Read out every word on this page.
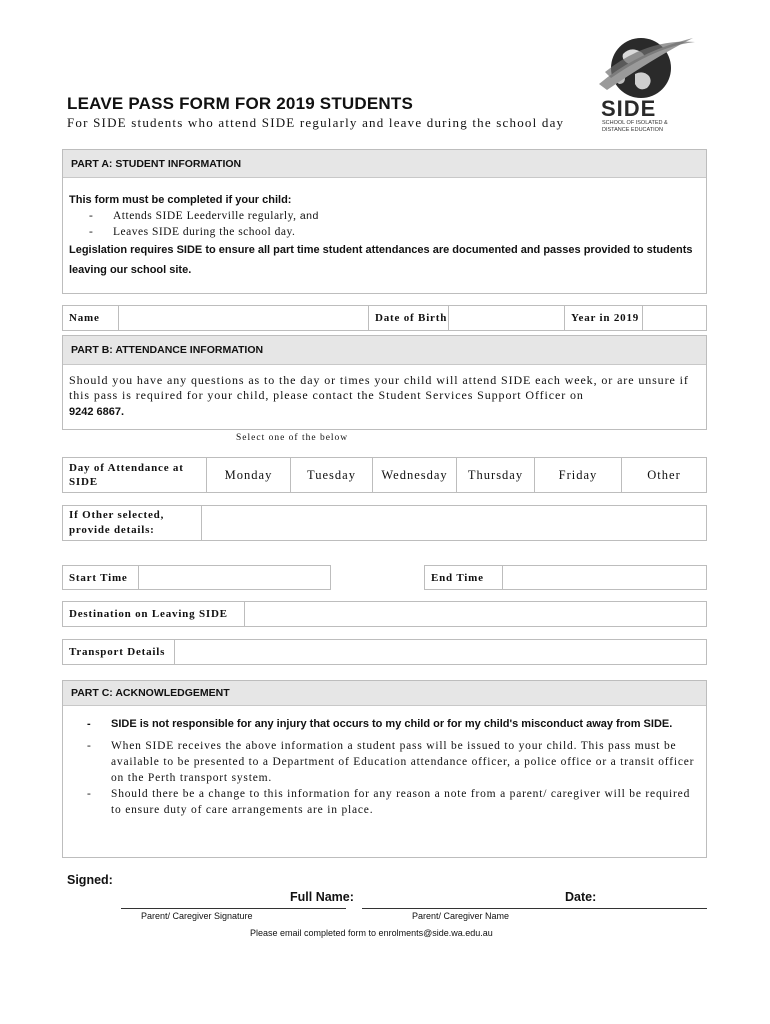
SIDE
SCHOOL OF ISOLATED &
DISTANCE EDUCATION
LEAVE PASS FORM FOR 2019 STUDENTS
For SIDE students who attend SIDE regularly and leave during the school day
PART A: STUDENT INFORMATION
This form must be completed if your child:
-	Attends SIDE Leederville regularly,
and
-	Leaves SIDE during the school day.
Legislation requires SIDE to ensure all part time student attendances are documented and passes provided to students leaving our school site.
Name	Date of Birth	Year in 2019
PART B: ATTENDANCE INFORMATION
Should you have any questions as to the day or times your child will attend SIDE each week, or are unsure if this pass is required for your child, please contact the Student Services Support Officer on
9242 6867.
Select one of the below
Day of Attendance at SIDE
Monday	Tuesday	Wednesday	Thursday	Friday	Other
If Other selected, provide details:
Start Time	End Time
Destination on Leaving SIDE
Transport Details
PART C: ACKNOWLEDGEMENT
-	SIDE is not responsible for any injury that occurs to my child or for my child's misconduct away from SIDE.
-	When SIDE receives the above information a student pass will be issued to your child. This pass must be available to be presented to a Department of Education attendance officer, a police office or a transit officer on the Perth transport system.
-	Should there be a change to this information for any reason a note from a parent/ caregiver will be required to ensure duty of care arrangements are in place.
Signed:
Full Name:	Date:
Parent/ Caregiver Signature	Parent/ Caregiver Name
Please email completed form to enrolments@side.wa.edu.au
